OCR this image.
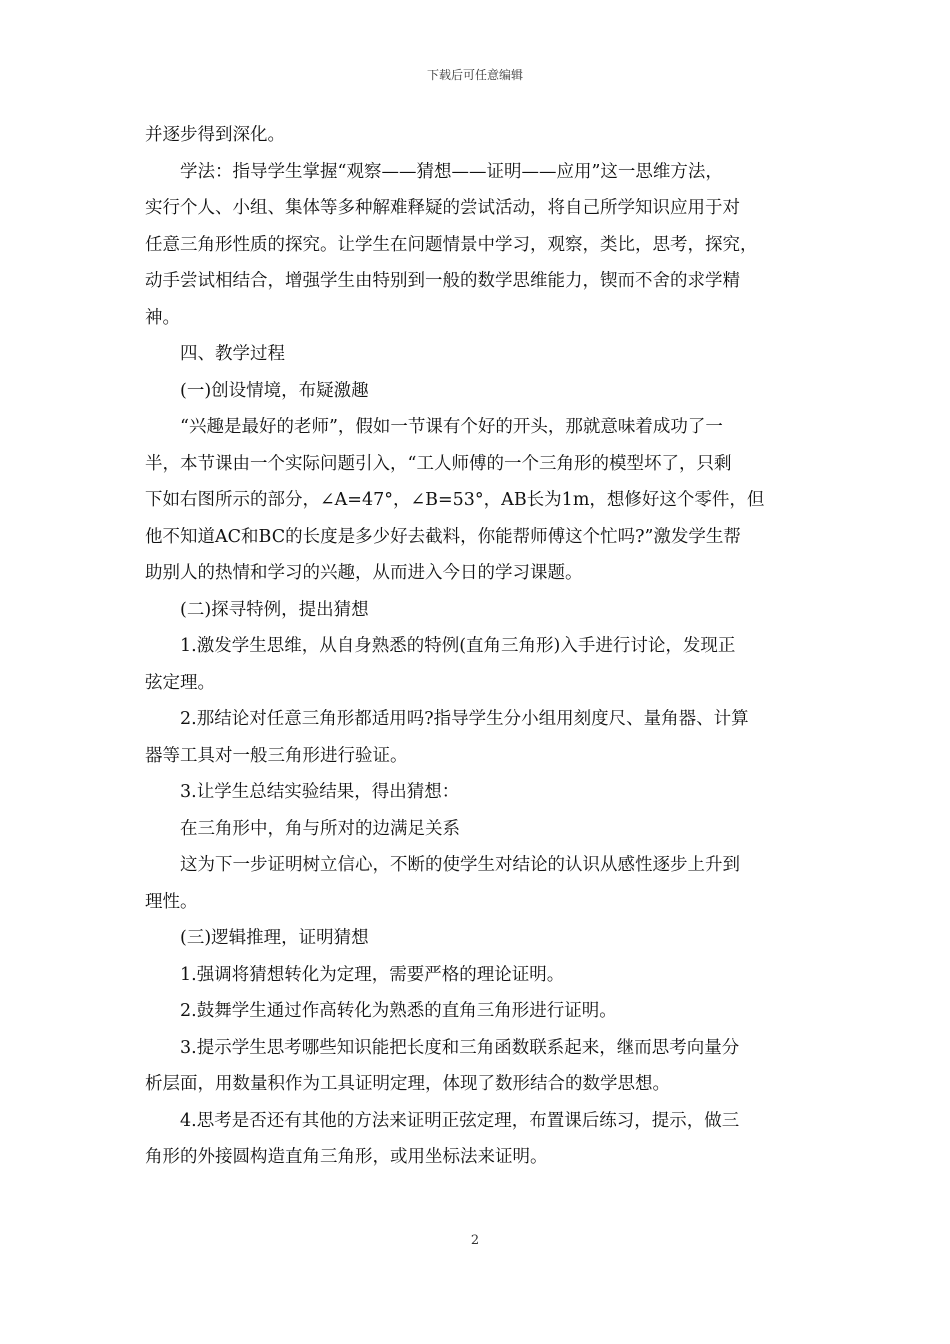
下载后可任意编辑
并逐步得到深化。
学法：指导学生掌握“观察——猜想——证明——应用”这一思维方法，
实行个人、小组、集体等多种解难释疑的尝试活动，将自己所学知识应用于对
任意三角形性质的探究。让学生在问题情景中学习，观察，类比，思考，探究，
动手尝试相结合，增强学生由特别到一般的数学思维能力，锲而不舍的求学精
神。
四、教学过程
(一)创设情境，布疑激趣
“兴趣是最好的老师”，假如一节课有个好的开头，那就意味着成功了一
半，本节课由一个实际问题引入，“工人师傅的一个三角形的模型坏了，只剩
下如右图所示的部分，∠A=47°，∠B=53°，AB长为1m，想修好这个零件，但
他不知道AC和BC的长度是多少好去截料，你能帮师傅这个忙吗?”激发学生帮
助别人的热情和学习的兴趣，从而进入今日的学习课题。
(二)探寻特例，提出猜想
1.激发学生思维，从自身熟悉的特例(直角三角形)入手进行讨论，发现正
弦定理。
2.那结论对任意三角形都适用吗?指导学生分小组用刻度尺、量角器、计算
器等工具对一般三角形进行验证。
3.让学生总结实验结果，得出猜想：
在三角形中，角与所对的边满足关系
这为下一步证明树立信心，不断的使学生对结论的认识从感性逐步上升到
理性。
(三)逻辑推理，证明猜想
1.强调将猜想转化为定理，需要严格的理论证明。
2.鼓舞学生通过作高转化为熟悉的直角三角形进行证明。
3.提示学生思考哪些知识能把长度和三角函数联系起来，继而思考向量分
析层面，用数量积作为工具证明定理，体现了数形结合的数学思想。
4.思考是否还有其他的方法来证明正弦定理，布置课后练习，提示，做三
角形的外接圆构造直角三角形，或用坐标法来证明。
2
